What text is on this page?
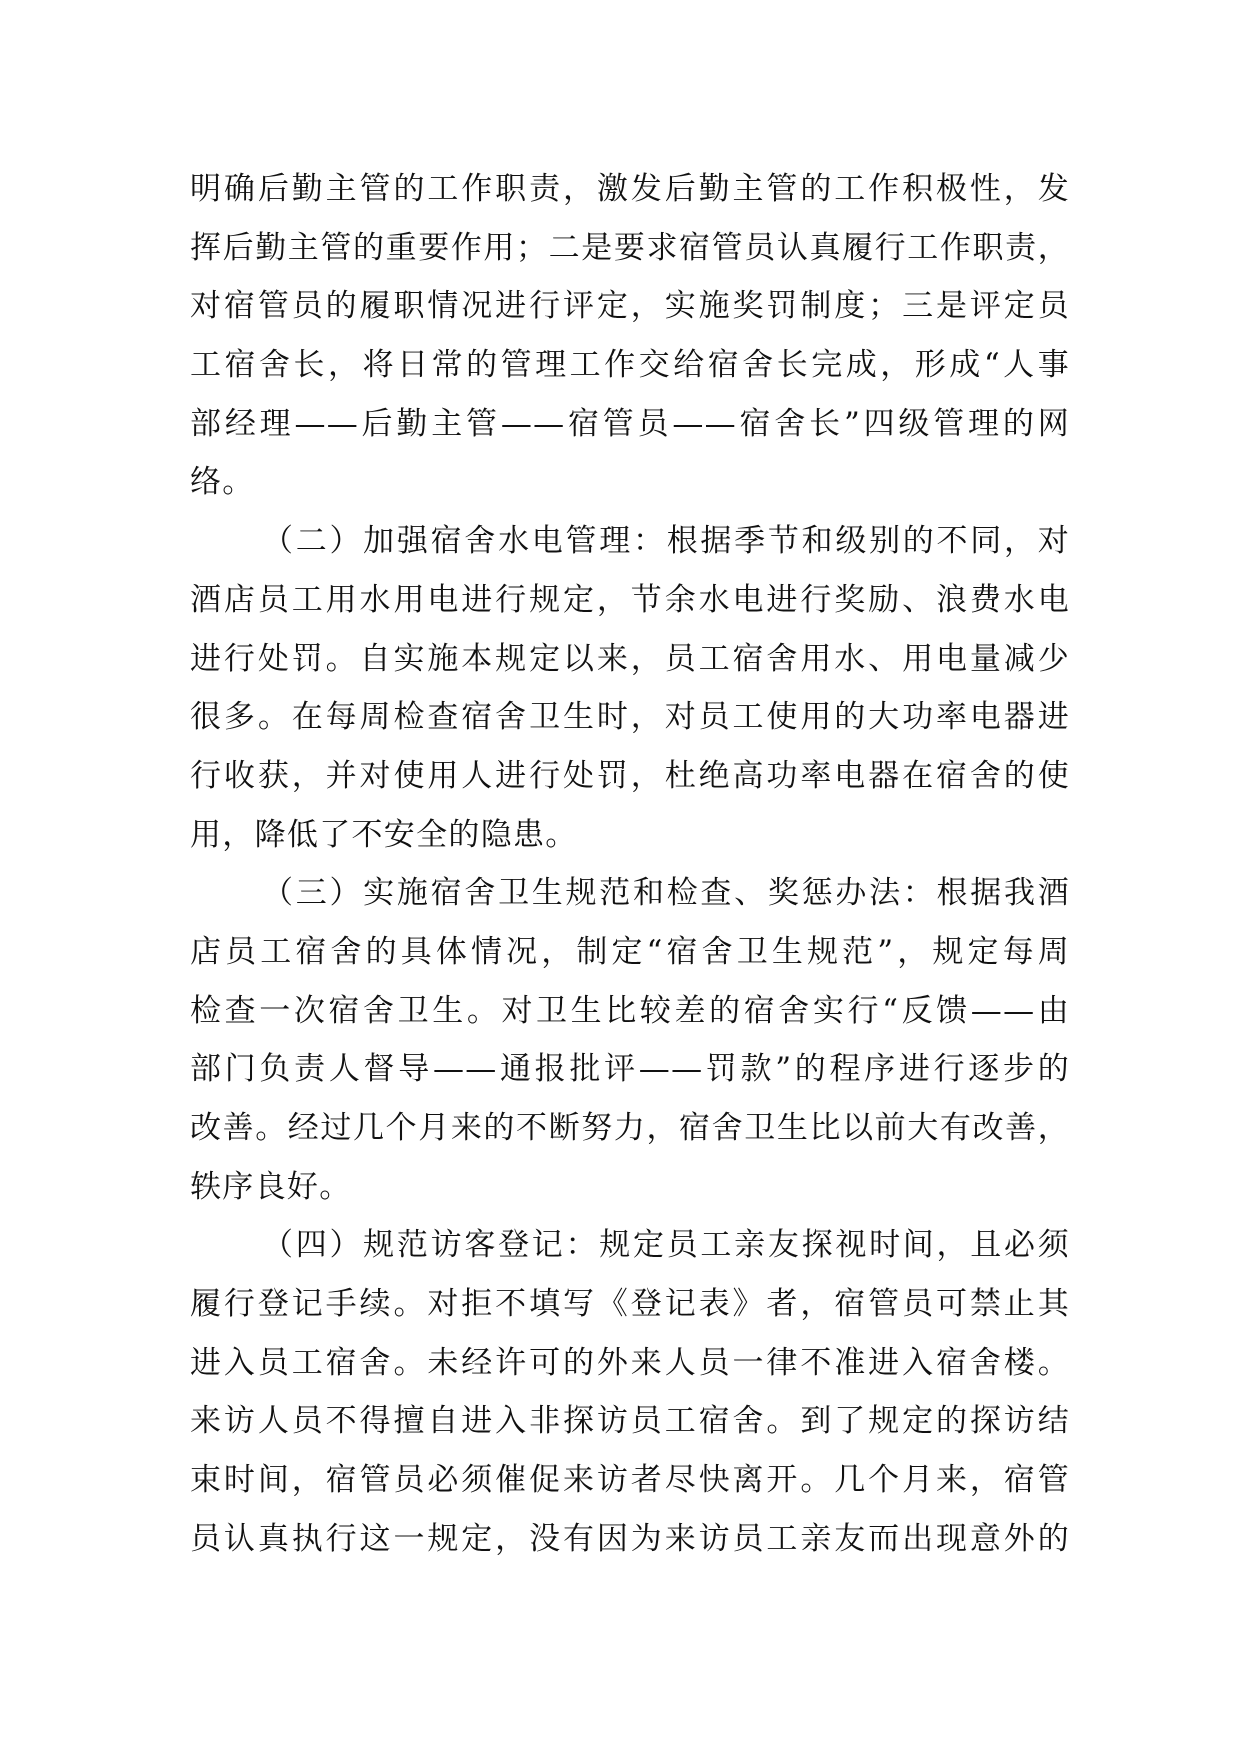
明确后勤主管的工作职责，激发后勤主管的工作积极性，发
挥后勤主管的重要作用；二是要求宿管员认真履行工作职责，
对宿管员的履职情况进行评定，实施奖罚制度；三是评定员
工宿舍长，将日常的管理工作交给宿舍长完成，形成“人事
部经理——后勤主管——宿管员——宿舍长”四级管理的网
络。
（二）加强宿舍水电管理：根据季节和级别的不同，对
酒店员工用水用电进行规定，节余水电进行奖励、浪费水电
进行处罚。自实施本规定以来，员工宿舍用水、用电量减少
很多。在每周检查宿舍卫生时，对员工使用的大功率电器进
行收获，并对使用人进行处罚，杜绝高功率电器在宿舍的使
用，降低了不安全的隐患。
（三）实施宿舍卫生规范和检查、奖惩办法：根据我酒
店员工宿舍的具体情况，制定“宿舍卫生规范”，规定每周
检查一次宿舍卫生。对卫生比较差的宿舍实行“反馈——由
部门负责人督导——通报批评——罚款”的程序进行逐步的
改善。经过几个月来的不断努力，宿舍卫生比以前大有改善，
轶序良好。
（四）规范访客登记：规定员工亲友探视时间，且必须
履行登记手续。对拒不填写《登记表》者，宿管员可禁止其
进入员工宿舍。未经许可的外来人员一律不准进入宿舍楼。
来访人员不得擅自进入非探访员工宿舍。到了规定的探访结
束时间，宿管员必须催促来访者尽快离开。几个月来，宿管
员认真执行这一规定，没有因为来访员工亲友而出现意外的
